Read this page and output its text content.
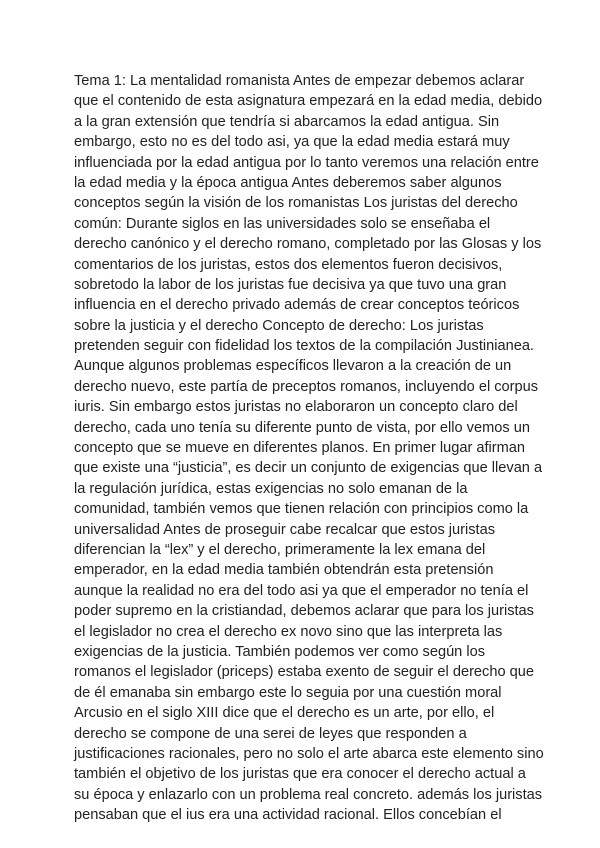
Tema 1: La mentalidad romanista Antes de empezar debemos aclarar
que el contenido de esta asignatura empezará en la edad media, debido
a la gran extensión que tendría si abarcamos la edad antigua. Sin
embargo, esto no es del todo asi, ya que la edad media estará muy
influenciada por la edad antigua por lo tanto veremos una relación entre
la edad media y la época antigua Antes deberemos saber algunos
conceptos según la visión de los romanistas Los juristas del derecho
común: Durante siglos en las universidades solo se enseñaba el
derecho canónico y el derecho romano, completado por las Glosas y los
comentarios de los juristas, estos dos elementos fueron decisivos,
sobretodo la labor de los juristas fue decisiva ya que tuvo una gran
influencia en el derecho privado además de crear conceptos teóricos
sobre la justicia y el derecho Concepto de derecho: Los juristas
pretenden seguir con fidelidad los textos de la compilación Justinianea.
Aunque algunos problemas específicos llevaron a la creación de un
derecho nuevo, este partía de preceptos romanos, incluyendo el corpus
iuris. Sin embargo estos juristas no elaboraron un concepto claro del
derecho, cada uno tenía su diferente punto de vista, por ello vemos un
concepto que se mueve en diferentes planos. En primer lugar afirman
que existe una “justicia”, es decir un conjunto de exigencias que llevan a
la regulación jurídica, estas exigencias no solo emanan de la
comunidad, también vemos que tienen relación con principios como la
universalidad Antes de proseguir cabe recalcar que estos juristas
diferencian la “lex” y el derecho, primeramente la lex emana del
emperador, en la edad media también obtendrán esta pretensión
aunque la realidad no era del todo asi ya que el emperador no tenía el
poder supremo en la cristiandad, debemos aclarar que para los juristas
el legislador no crea el derecho ex novo sino que las interpreta las
exigencias de la justicia. También podemos ver como según los
romanos el legislador (priceps) estaba exento de seguir el derecho que
de él emanaba sin embargo este lo seguia por una cuestión moral
Arcusio en el siglo XIII dice que el derecho es un arte, por ello, el
derecho se compone de una serei de leyes que responden a
justificaciones racionales, pero no solo el arte abarca este elemento sino
también el objetivo de los juristas que era conocer el derecho actual a
su época y enlazarlo con un problema real concreto. además los juristas
pensaban que el ius era una actividad racional. Ellos concebían el
